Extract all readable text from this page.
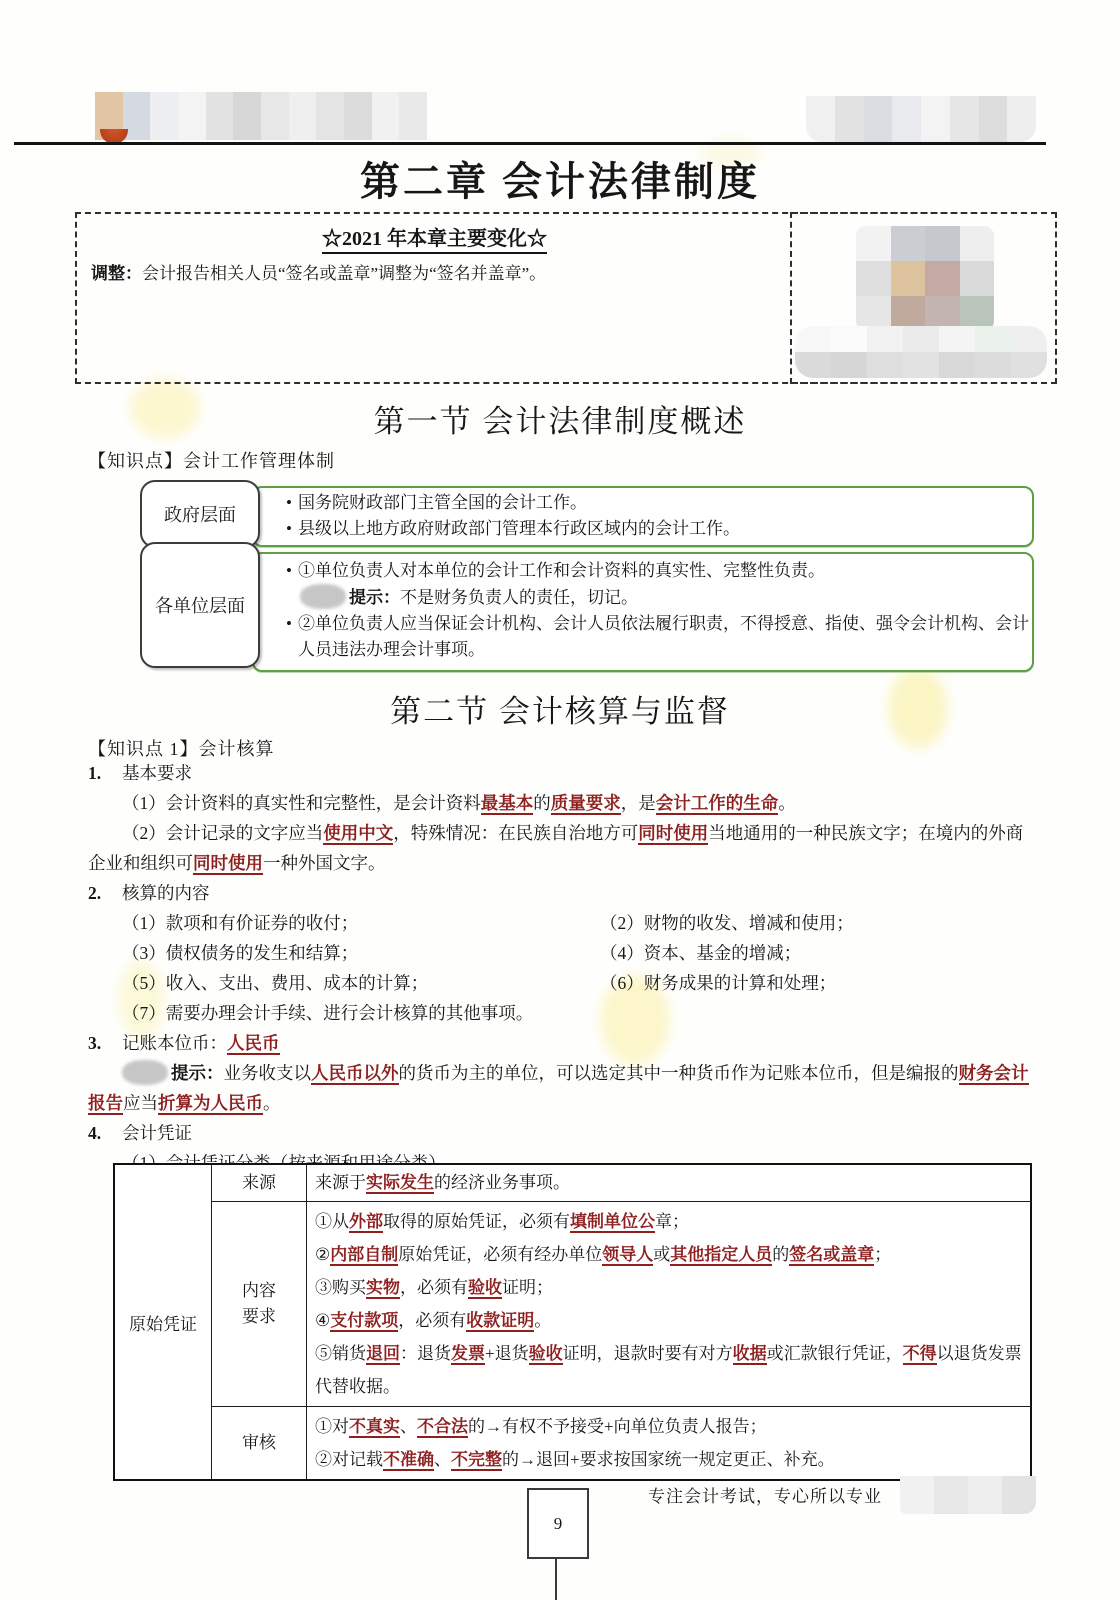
第二章 会计法律制度
☆2021 年本章主要变化☆
调整：会计报告相关人员“签名或盖章”调整为“签名并盖章”。
第一节 会计法律制度概述
【知识点】会计工作管理体制
• 国务院财政部门主管全国的会计工作。
• 县级以上地方政府财政部门管理本行政区域内的会计工作。
政府层面
• ①单位负责人对本单位的会计工作和会计资料的真实性、完整性负责。
提示：不是财务负责人的责任，切记。
• ②单位负责人应当保证会计机构、会计人员依法履行职责，不得授意、指使、强令会计机构、会计人员违法办理会计事项。
各单位层面
第二节 会计核算与监督
【知识点 1】会计核算
1.	基本要求
（1）会计资料的真实性和完整性，是会计资料最基本的质量要求，是会计工作的生命。
（2）会计记录的文字应当使用中文，特殊情况：在民族自治地方可同时使用当地通用的一种民族文字；在境内的外商企业和组织可同时使用一种外国文字。
2.	核算的内容
（1）款项和有价证券的收付；	（2）财物的收发、增减和使用；
（3）债权债务的发生和结算；	（4）资本、基金的增减；
（5）收入、支出、费用、成本的计算；	（6）财务成果的计算和处理；
（7）需要办理会计手续、进行会计核算的其他事项。
3.	记账本位币：人民币
提示：业务收支以人民币以外的货币为主的单位，可以选定其中一种货币作为记账本位币，但是编报的财务会计报告应当折算为人民币。
4.	会计凭证
原始凭证	来源	来源于实际发生的经济业务事项。

	内容要求	①从外部取得的原始凭证，必须有填制单位公章；
②内部自制原始凭证，必须有经办单位领导人或其他指定人员的签名或盖章；
③购买实物，必须有验收证明；
④支付款项，必须有收款证明。
⑤销货退回：退货发票+退货验收证明，退款时要有对方收据或汇款银行凭证，不得以退货发票代替收据。

	审核	①对不真实、不合法的→有权不予接受+向单位负责人报告；
②对记载不准确、不完整的→退回+要求按国家统一规定更正、补充。
专注会计考试，专心所以专业
9
